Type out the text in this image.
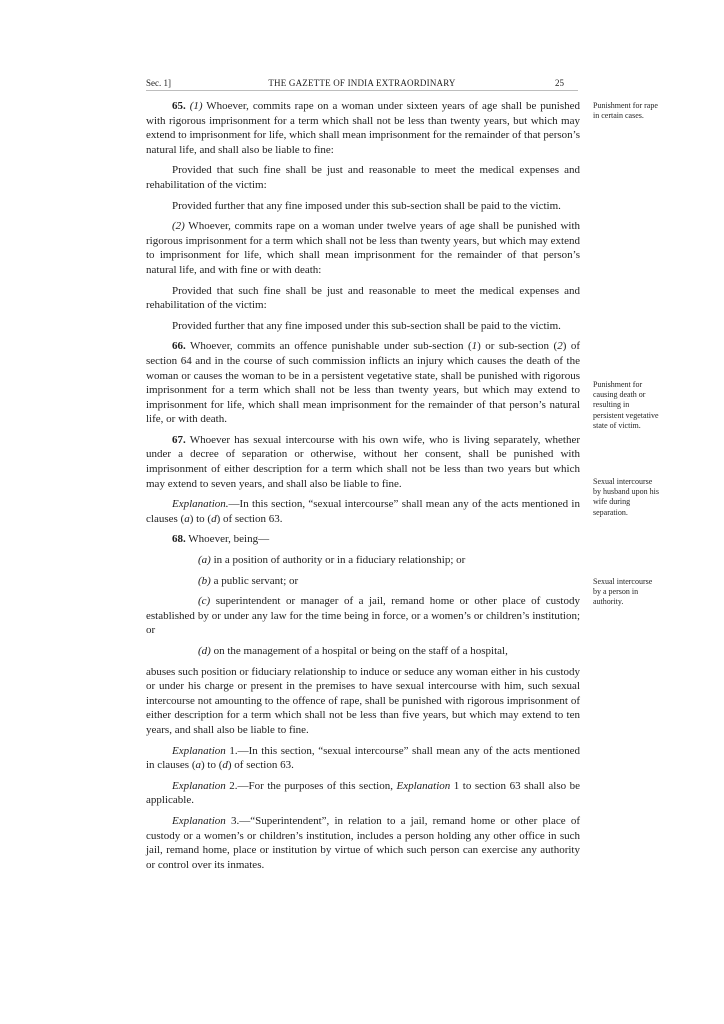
Sec. 1]	THE GAZETTE OF INDIA EXTRAORDINARY	25

65. (1) Whoever, commits rape on a woman under sixteen years of age shall be punished with rigorous imprisonment for a term which shall not be less than twenty years, but which may extend to imprisonment for life, which shall mean imprisonment for the remainder of that person’s natural life, and shall also be liable to fine:

Provided that such fine shall be just and reasonable to meet the medical expenses and rehabilitation of the victim:

Provided further that any fine imposed under this sub-section shall be paid to the victim.

(2) Whoever, commits rape on a woman under twelve years of age shall be punished with rigorous imprisonment for a term which shall not be less than twenty years, but which may extend to imprisonment for life, which shall mean imprisonment for the remainder of that person’s natural life, and with fine or with death:

Provided that such fine shall be just and reasonable to meet the medical expenses and rehabilitation of the victim:

Provided further that any fine imposed under this sub-section shall be paid to the victim.

66. Whoever, commits an offence punishable under sub-section (1) or sub-section (2) of section 64 and in the course of such commission inflicts an injury which causes the death of the woman or causes the woman to be in a persistent vegetative state, shall be punished with rigorous imprisonment for a term which shall not be less than twenty years, but which may extend to imprisonment for life, which shall mean imprisonment for the remainder of that person’s natural life, or with death.

67. Whoever has sexual intercourse with his own wife, who is living separately, whether under a decree of separation or otherwise, without her consent, shall be punished with imprisonment of either description for a term which shall not be less than two years but which may extend to seven years, and shall also be liable to fine.

Explanation.—In this section, “sexual intercourse” shall mean any of the acts mentioned in clauses (a) to (d) of section 63.

68. Whoever, being—

(a) in a position of authority or in a fiduciary relationship; or

(b) a public servant; or

(c) superintendent or manager of a jail, remand home or other place of custody established by or under any law for the time being in force, or a women’s or children’s institution; or

(d) on the management of a hospital or being on the staff of a hospital,

abuses such position or fiduciary relationship to induce or seduce any woman either in his custody or under his charge or present in the premises to have sexual intercourse with him, such sexual intercourse not amounting to the offence of rape, shall be punished with rigorous imprisonment of either description for a term which shall not be less than five years, but which may extend to ten years, and shall also be liable to fine.

Explanation 1.—In this section, “sexual intercourse” shall mean any of the acts mentioned in clauses (a) to (d) of section 63.

Explanation 2.—For the purposes of this section, Explanation 1 to section 63 shall also be applicable.

Explanation 3.—“Superintendent”, in relation to a jail, remand home or other place of custody or a women’s or children’s institution, includes a person holding any other office in such jail, remand home, place or institution by virtue of which such person can exercise any authority or control over its inmates.

Punishment for rape in certain cases.
Punishment for causing death or resulting in persistent vegetative state of victim.
Sexual intercourse by husband upon his wife during separation.
Sexual intercourse by a person in authority.
